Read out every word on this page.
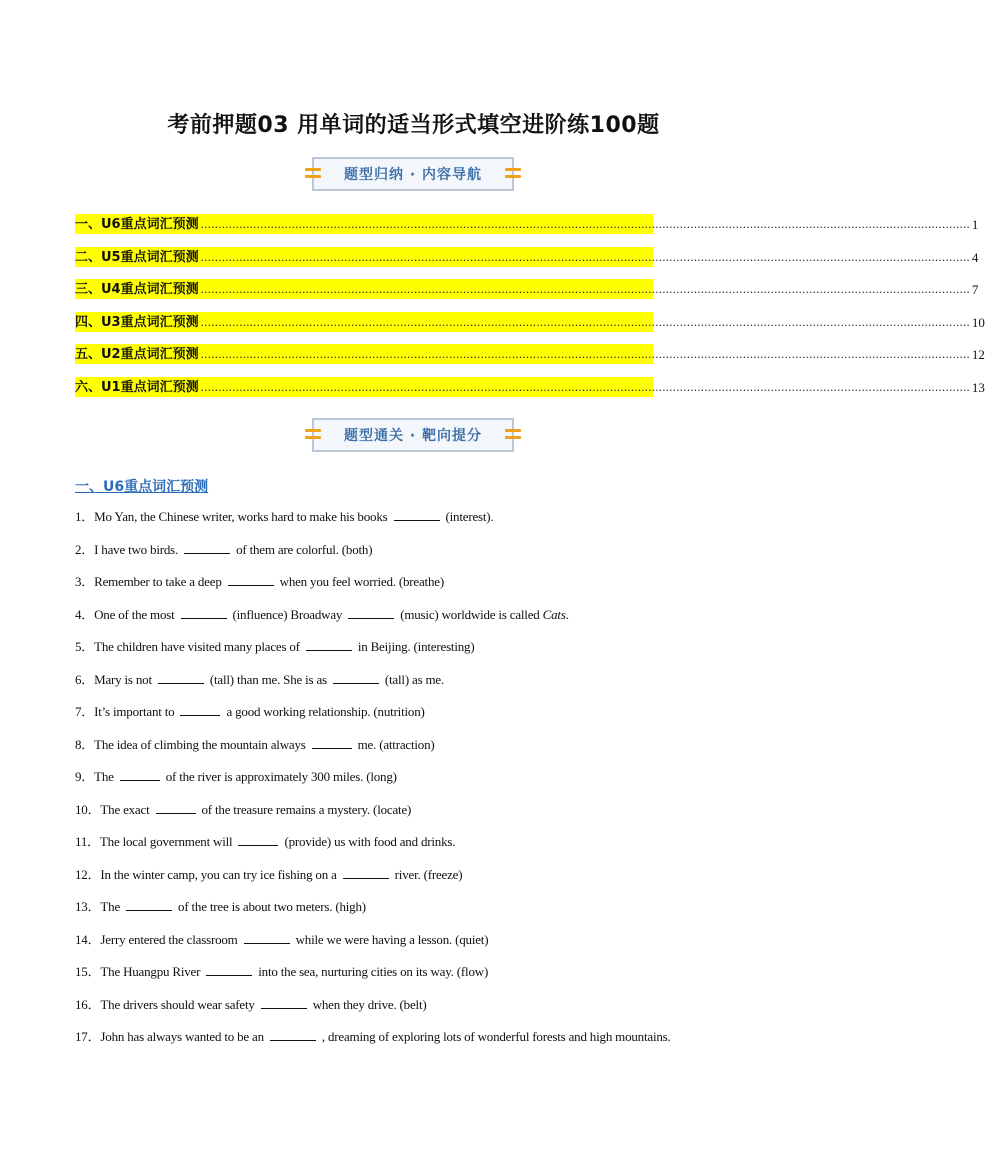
考前押题03 用单词的适当形式填空进阶练100题
题型归纳 · 内容导航
一、U6重点词汇预测 ............................................................................................................................................................................................................................ 1
二、U5重点词汇预测 ............................................................................................................................................................................................................................ 4
三、U4重点词汇预测 ............................................................................................................................................................................................................................ 7
四、U3重点词汇预测 ............................................................................................................................................................................................................................ 10
五、U2重点词汇预测 ............................................................................................................................................................................................................................ 12
六、U1重点词汇预测 ............................................................................................................................................................................................................................ 13
题型通关 · 靶向提分
一、U6重点词汇预测
1．Mo Yan, the Chinese writer, works hard to make his books	(interest).
2．I have two birds.	of them are colorful. (both)
3．Remember to take a deep	when you feel worried. (breathe)
4．One of the most	(influence) Broadway	(music) worldwide is called Cats.
5．The children have visited many places of	in Beijing. (interesting)
6．Mary is not	(tall) than me. She is as	(tall) as me.
7．It’s important to	a good working relationship. (nutrition)
8．The idea of climbing the mountain always	me. (attraction)
9．The	of the river is approximately 300 miles. (long)
10．The exact	of the treasure remains a mystery. (locate)
11．The local government will	(provide) us with food and drinks.
12．In the winter camp, you can try ice fishing on a	river. (freeze)
13．The	of the tree is about two meters. (high)
14．Jerry entered the classroom	while we were having a lesson. (quiet)
15．The Huangpu River	into the sea, nurturing cities on its way. (flow)
16．The drivers should wear safety	when they drive. (belt)
17．John has always wanted to be an	, dreaming of exploring lots of wonderful forests and high mountains.
